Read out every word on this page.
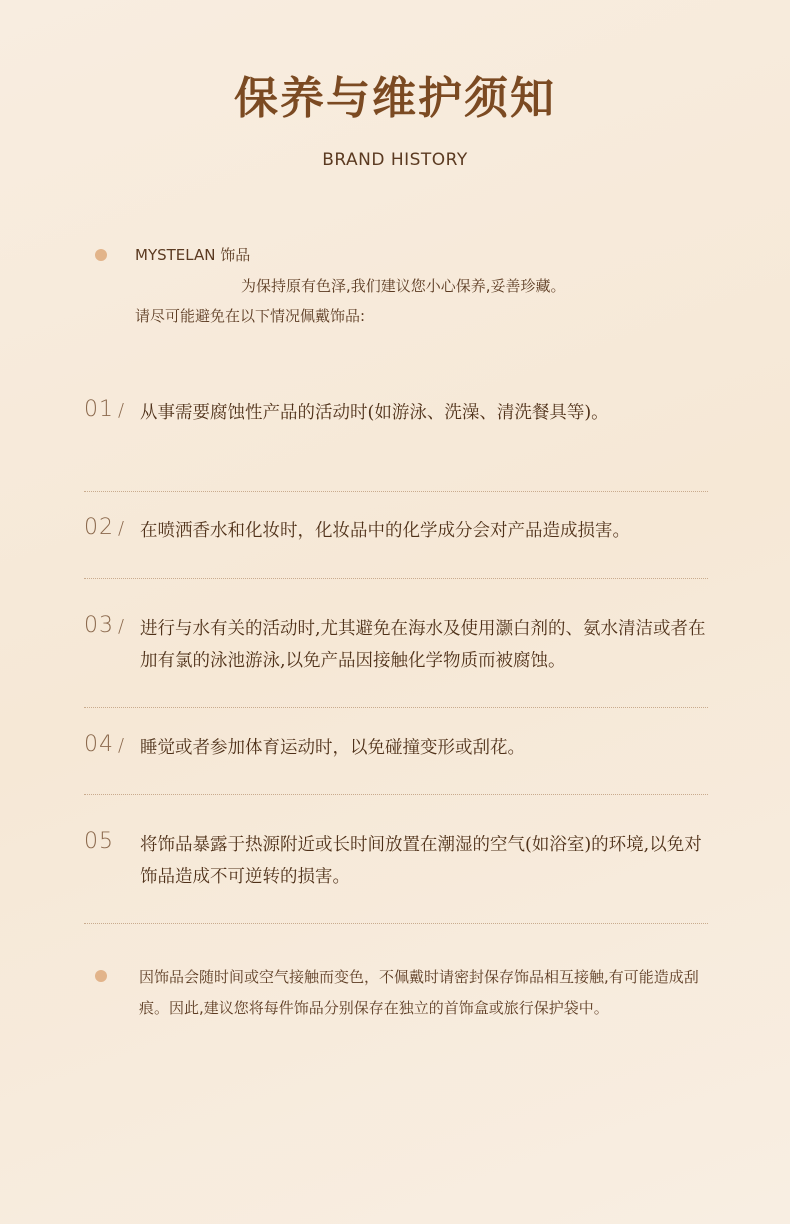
保养与维护须知
BRAND HISTORY
MYSTELAN 饰品
为保持原有色泽,我们建议您小心保养,妥善珍藏。
请尽可能避免在以下情况佩戴饰品:
01 / 从事需要腐蚀性产品的活动时(如游泳、洗澡、清洗餐具等)。
02 / 在喷洒香水和化妆时，化妆品中的化学成分会对产品造成损害。
03 / 进行与水有关的活动时,尤其避免在海水及使用灏白剂的、氨水清洁或者在加有氯的泳池游泳,以免产品因接触化学物质而被腐蚀。
04 / 睡觉或者参加体育运动时，以免碰撞变形或刮花。
05 将饰品暴露于热源附近或长时间放置在潮湿的空气(如浴室)的环境,以免对饰品造成不可逆转的损害。
因饰品会随时间或空气接触而变色，不佩戴时请密封保存饰品相互接触,有可能造成刮痕。因此,建议您将每件饰品分别保存在独立的首饰盒或旅行保护袋中。
